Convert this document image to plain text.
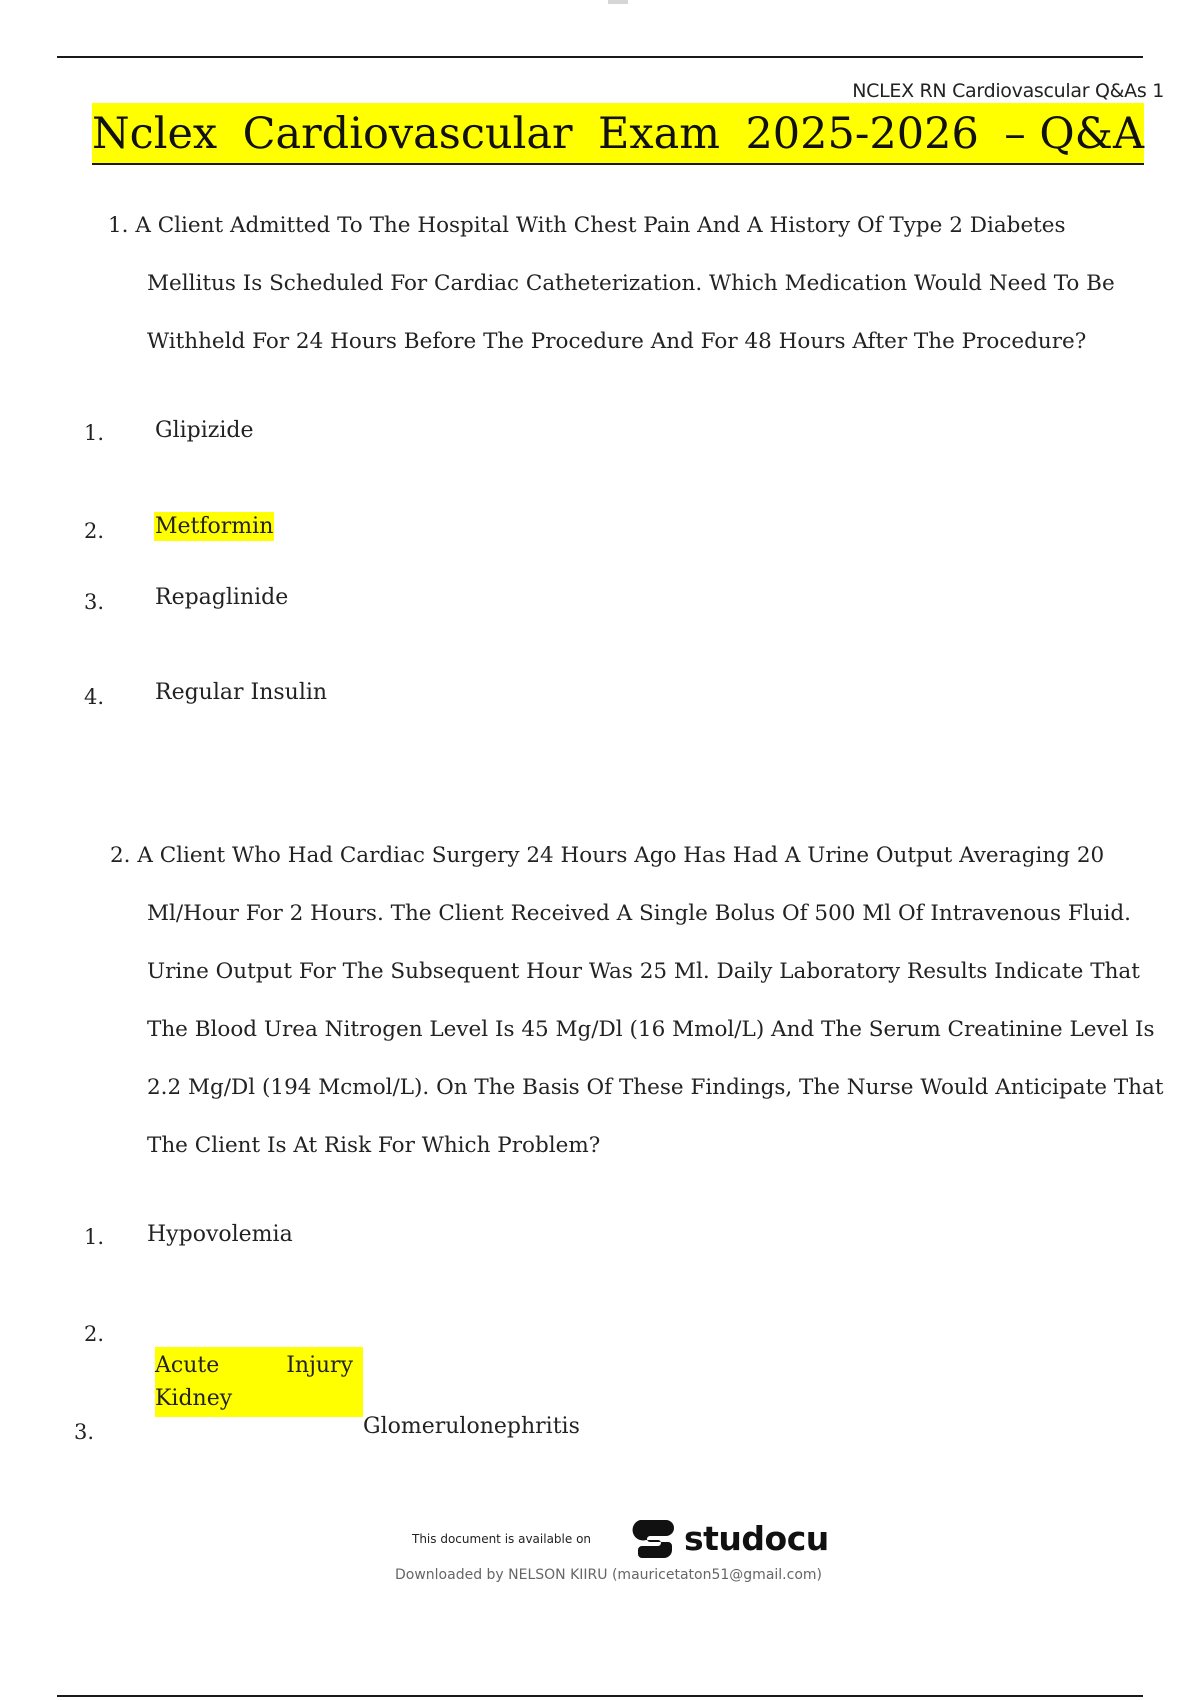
NCLEX RN Cardiovascular Q&As 1
Nclex Cardiovascular Exam 2025-2026 – Q&A
1. A Client Admitted To The Hospital With Chest Pain And A History Of Type 2 Diabetes
Mellitus Is Scheduled For Cardiac Catheterization. Which Medication Would Need To Be
Withheld For 24 Hours Before The Procedure And For 48 Hours After The Procedure?
1. Glipizide
2. Metformin
3. Repaglinide
4. Regular Insulin
2. A Client Who Had Cardiac Surgery 24 Hours Ago Has Had A Urine Output Averaging 20
Ml/Hour For 2 Hours. The Client Received A Single Bolus Of 500 Ml Of Intravenous Fluid.
Urine Output For The Subsequent Hour Was 25 Ml. Daily Laboratory Results Indicate That
The Blood Urea Nitrogen Level Is 45 Mg/Dl (16 Mmol/L) And The Serum Creatinine Level Is
2.2 Mg/Dl (194 Mcmol/L). On The Basis Of These Findings, The Nurse Would Anticipate That
The Client Is At Risk For Which Problem?
1. Hypovolemia
2.
Acute	Injury
Kidney
3.	Glomerulonephritis
This document is available on	studocu
Downloaded by NELSON KIIRU (mauricetaton51@gmail.com)
